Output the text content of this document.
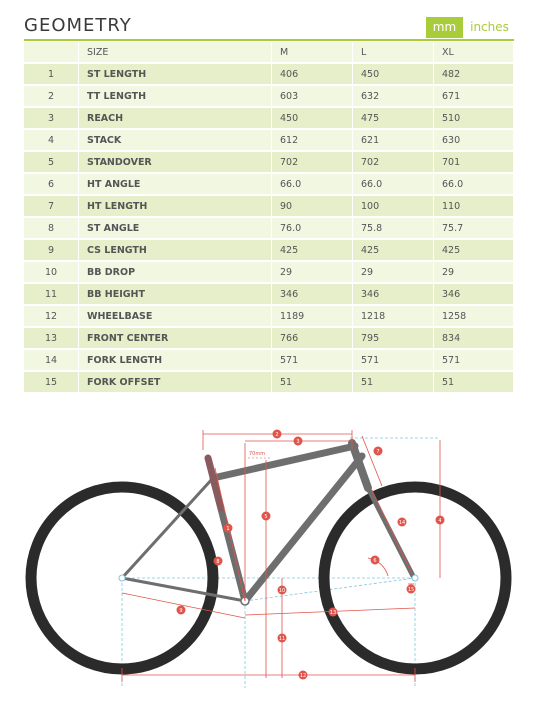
GEOMETRY	mm	inches
	SIZE	M	L	XL
1	ST LENGTH	406	450	482
2	TT LENGTH	603	632	671
3	REACH	450	475	510
4	STACK	612	621	630
5	STANDOVER	702	702	701
6	HT ANGLE	66.0	66.0	66.0
7	HT LENGTH	90	100	110
8	ST ANGLE	76.0	75.8	75.7
9	CS LENGTH	425	425	425
10	BB DROP	29	29	29
11	BB HEIGHT	346	346	346
12	WHEELBASE	1189	1218	1258
13	FRONT CENTER	766	795	834
14	FORK LENGTH	571	571	571
15	FORK OFFSET	51	51	51
70mm
1
2
3
4
5
6
7
8
9
10
11
12
13
14
15
